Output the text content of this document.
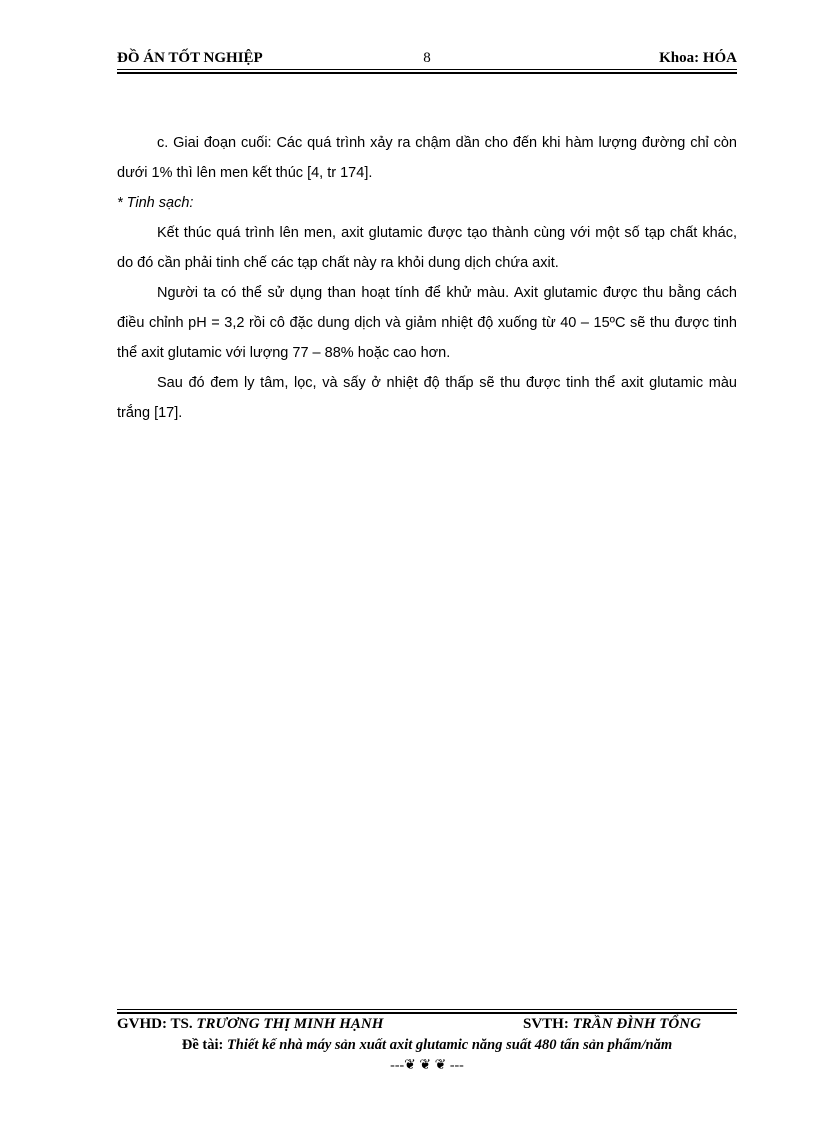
ĐỒ ÁN TỐT NGHIỆP	8	Khoa: HÓA

c. Giai đoạn cuối: Các quá trình xảy ra chậm dần cho đến khi hàm lượng đường chỉ còn dưới 1% thì lên men kết thúc [4, tr 174].

* Tinh sạch:

Kết thúc quá trình lên men, axit glutamic được tạo thành cùng với một số tạp chất khác, do đó cần phải tinh chế các tạp chất này ra khỏi dung dịch chứa axit.

Người ta có thể sử dụng than hoạt tính để khử màu. Axit glutamic được thu bằng cách điều chỉnh pH = 3,2 rồi cô đặc dung dịch và giảm nhiệt độ xuống từ 40 – 15ºC sẽ thu được tinh thể axit glutamic với lượng 77 – 88% hoặc cao hơn.

Sau đó đem ly tâm, lọc, và sấy ở nhiệt độ thấp sẽ thu được tinh thể axit glutamic màu trắng [17].

GVHD: TS. TRƯƠNG THỊ MINH HẠNH	SVTH: TRẦN ĐÌNH TỔNG
Đề tài: Thiết kế nhà máy sản xuất axit glutamic năng suất 480 tấn sản phẩm/năm
---❦ ❦ ❦ ---
